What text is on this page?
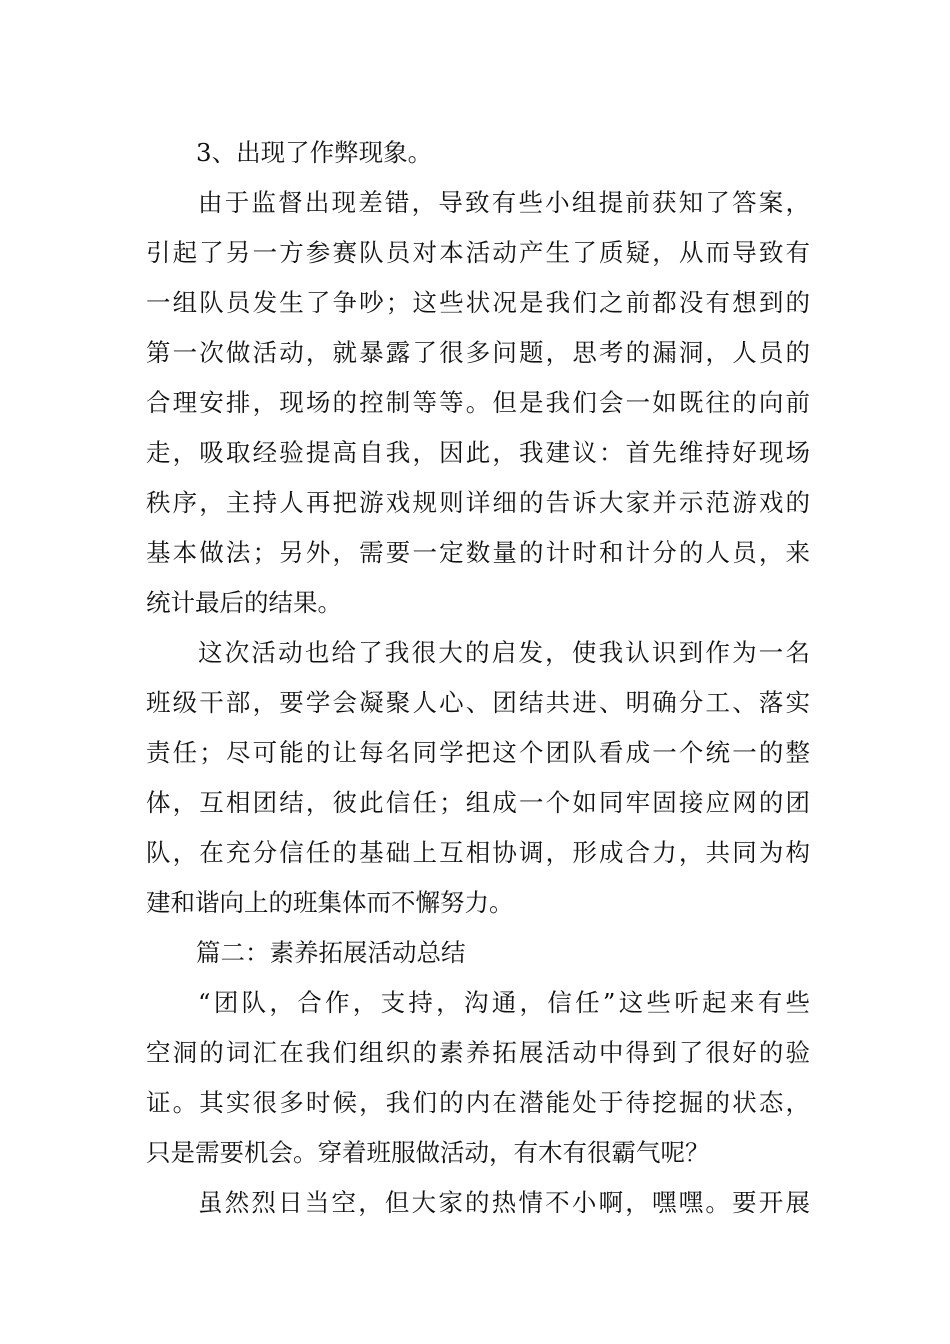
3、出现了作弊现象。
由于监督出现差错，导致有些小组提前获知了答案，
引起了另一方参赛队员对本活动产生了质疑，从而导致有
一组队员发生了争吵；这些状况是我们之前都没有想到的
第一次做活动，就暴露了很多问题，思考的漏洞，人员的
合理安排，现场的控制等等。但是我们会一如既往的向前
走，吸取经验提高自我，因此，我建议：首先维持好现场
秩序，主持人再把游戏规则详细的告诉大家并示范游戏的
基本做法；另外，需要一定数量的计时和计分的人员，来
统计最后的结果。
这次活动也给了我很大的启发，使我认识到作为一名
班级干部，要学会凝聚人心、团结共进、明确分工、落实
责任；尽可能的让每名同学把这个团队看成一个统一的整
体，互相团结，彼此信任；组成一个如同牢固接应网的团
队，在充分信任的基础上互相协调，形成合力，共同为构
建和谐向上的班集体而不懈努力。
篇二：素养拓展活动总结
“团队，合作，支持，沟通，信任”这些听起来有些
空洞的词汇在我们组织的素养拓展活动中得到了很好的验
证。其实很多时候，我们的内在潜能处于待挖掘的状态，
只是需要机会。穿着班服做活动，有木有很霸气呢？
虽然烈日当空，但大家的热情不小啊，嘿嘿。要开展
